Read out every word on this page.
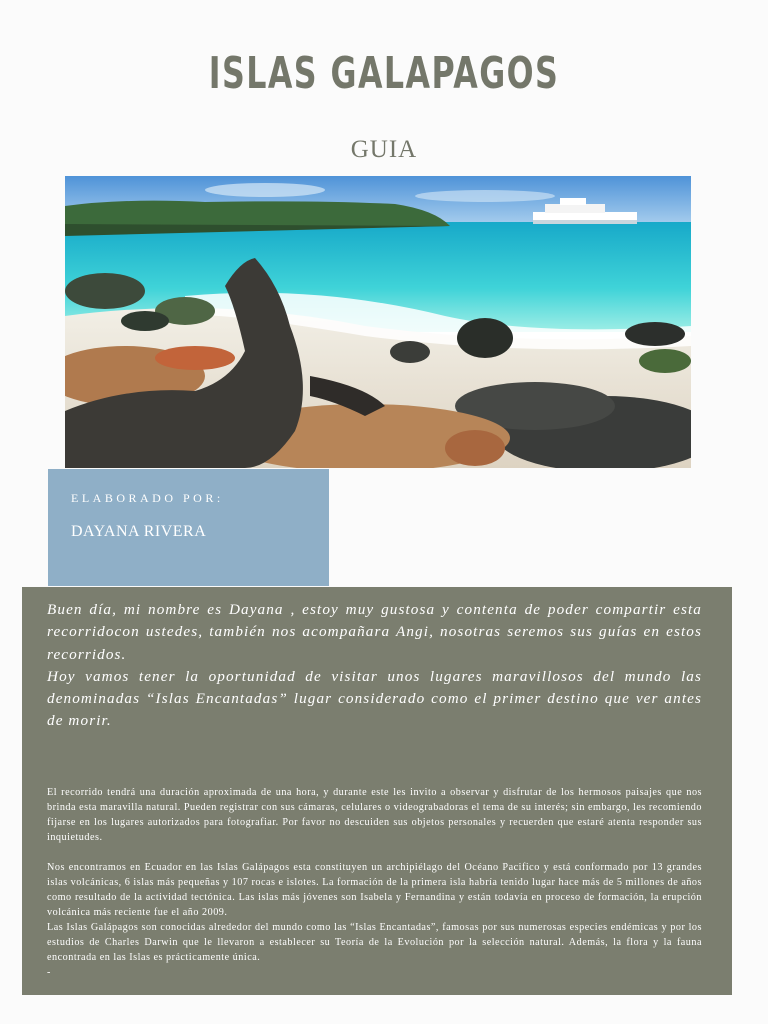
ISLAS GALAPAGOS
GUIA
ELABORADO POR:
DAYANA RIVERA

Buen día, mi nombre es Dayana , estoy muy gustosa y contenta de poder compartir esta recorridocon ustedes, también nos acompañara Angi, nosotras seremos sus guías en estos recorridos.

Hoy vamos tener la oportunidad de visitar unos lugares maravillosos del mundo las denominadas “Islas Encantadas” lugar considerado como el primer destino que ver antes de morir.

El recorrido tendrá una duración aproximada de una hora, y durante este les invito a observar y disfrutar de los hermosos paisajes que nos brinda esta maravilla natural. Pueden registrar con sus cámaras, celulares o videograbadoras el tema de su interés; sin embargo, les recomiendo fijarse en los lugares autorizados para fotografiar. Por favor no descuiden sus objetos personales y recuerden que estaré atenta responder sus inquietudes.

Nos encontramos en Ecuador en las Islas Galápagos esta constituyen un archipiélago del Océano Pacifico y está conformado por 13 grandes islas volcánicas, 6 islas más pequeñas y 107 rocas e islotes. La formación de la primera isla habría tenido lugar hace más de 5 millones de años como resultado de la actividad tectónica. Las islas más jóvenes son Isabela y Fernandina y están todavía en proceso de formación, la erupción volcánica más reciente fue el año 2009.

Las Islas Galápagos son conocidas alrededor del mundo como las “Islas Encantadas”, famosas por sus numerosas especies endémicas y por los estudios de Charles Darwin que le llevaron a establecer su Teoría de la Evolución por la selección natural. Además, la flora y la fauna encontrada en las Islas es prácticamente única.

-
